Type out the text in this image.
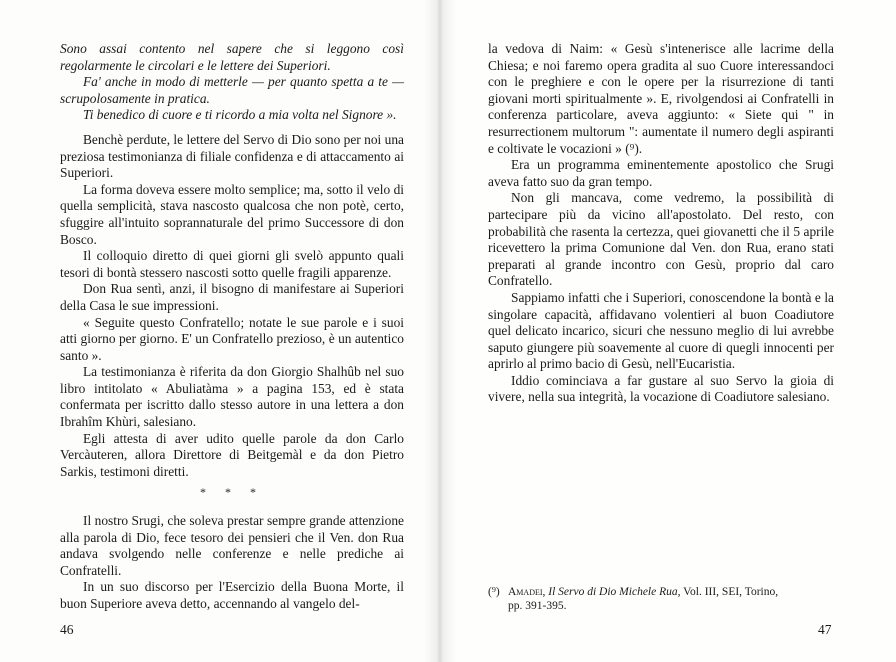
Sono assai contento nel sapere che si leggono così regolarmente le circolari e le lettere dei Superiori.

Fa' anche in modo di metterle — per quanto spetta a te — scrupolosamente in pratica.

Ti benedico di cuore e ti ricordo a mia volta nel Signore ».

Benchè perdute, le lettere del Servo di Dio sono per noi una preziosa testimonianza di filiale confidenza e di attaccamento ai Superiori.

La forma doveva essere molto semplice; ma, sotto il velo di quella semplicità, stava nascosto qualcosa che non potè, certo, sfuggire all'intuito soprannaturale del primo Successore di don Bosco.

Il colloquio diretto di quei giorni gli svelò appunto quali tesori di bontà stessero nascosti sotto quelle fragili apparenze.

Don Rua sentì, anzi, il bisogno di manifestare ai Superiori della Casa le sue impressioni.

« Seguite questo Confratello; notate le sue parole e i suoi atti giorno per giorno. E' un Confratello prezioso, è un autentico santo ».

La testimonianza è riferita da don Giorgio Shalhûb nel suo libro intitolato « Abuliatàma » a pagina 153, ed è stata confermata per iscritto dallo stesso autore in una lettera a don Ibrahîm Khùri, salesiano.

Egli attesta di aver udito quelle parole da don Carlo Vercàuteren, allora Direttore di Beitgemàl e da don Pietro Sarkis, testimoni diretti.

* * *

Il nostro Srugi, che soleva prestar sempre grande attenzione alla parola di Dio, fece tesoro dei pensieri che il Ven. don Rua andava svolgendo nelle conferenze e nelle prediche ai Confratelli.

In un suo discorso per l'Esercizio della Buona Morte, il buon Superiore aveva detto, accennando al vangelo del-

46

la vedova di Naim: « Gesù s'intenerisce alle lacrime della Chiesa; e noi faremo opera gradita al suo Cuore interessandoci con le preghiere e con le opere per la risurrezione di tanti giovani morti spiritualmente ». E, rivolgendosi ai Confratelli in conferenza particolare, aveva aggiunto: « Siete qui " in resurrectionem multorum ": aumentate il numero degli aspiranti e coltivate le vocazioni » (⁹).

Era un programma eminentemente apostolico che Srugi aveva fatto suo da gran tempo.

Non gli mancava, come vedremo, la possibilità di partecipare più da vicino all'apostolato. Del resto, con probabilità che rasenta la certezza, quei giovanetti che il 5 aprile ricevettero la prima Comunione dal Ven. don Rua, erano stati preparati al grande incontro con Gesù, proprio dal caro Confratello.

Sappiamo infatti che i Superiori, conoscendone la bontà e la singolare capacità, affidavano volentieri al buon Coadiutore quel delicato incarico, sicuri che nessuno meglio di lui avrebbe saputo giungere più soavemente al cuore di quegli innocenti per aprirlo al primo bacio di Gesù, nell'Eucaristia.

Iddio cominciava a far gustare al suo Servo la gioia di vivere, nella sua integrità, la vocazione di Coadiutore salesiano.

(⁹) Amadei, Il Servo di Dio Michele Rua, Vol. III, SEI, Torino,
pp. 391-395.
47
